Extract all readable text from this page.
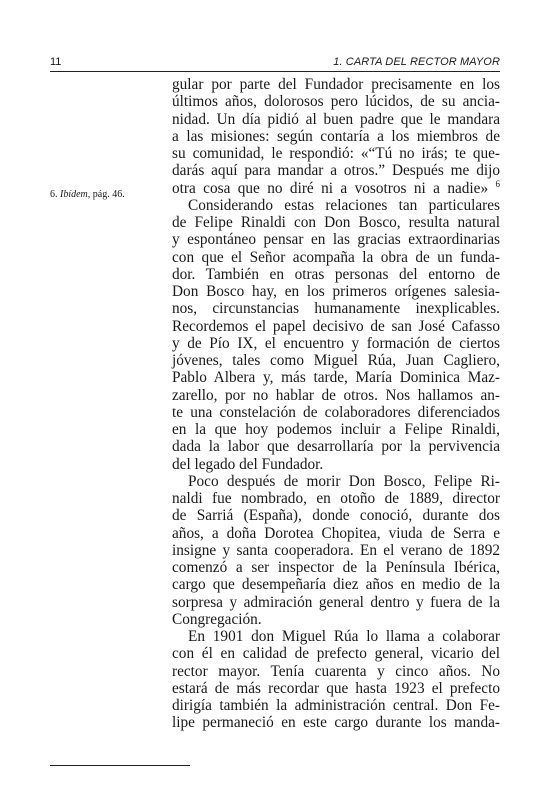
11	1. CARTA DEL RECTOR MAYOR
6. Ibídem, pág. 46.
gular por parte del Fundador precisamente en los
últimos años, dolorosos pero lúcidos, de su ancia-
nidad. Un día pidió al buen padre que le mandara
a las misiones: según contaría a los miembros de
su comunidad, le respondió: «“Tú no irás; te que-
darás aquí para mandar a otros.” Después me dijo
otra cosa que no diré ni a vosotros ni a nadie» $^6$
Considerando estas relaciones tan particulares
de Felipe Rinaldi con Don Bosco, resulta natural
y espontáneo pensar en las gracias extraordinarias
con que el Señor acompaña la obra de un funda-
dor. También en otras personas del entorno de
Don Bosco hay, en los primeros orígenes salesia-
nos, circunstancias humanamente inexplicables.
Recordemos el papel decisivo de san José Cafasso
y de Pío IX, el encuentro y formación de ciertos
jóvenes, tales como Miguel Rúa, Juan Cagliero,
Pablo Albera y, más tarde, María Dominica Maz-
zarello, por no hablar de otros. Nos hallamos an-
te una constelación de colaboradores diferenciados
en la que hoy podemos incluir a Felipe Rinaldi,
dada la labor que desarrollaría por la pervivencia
del legado del Fundador.
Poco después de morir Don Bosco, Felipe Ri-
naldi fue nombrado, en otoño de 1889, director
de Sarriá (España), donde conoció, durante dos
años, a doña Dorotea Chopitea, viuda de Serra e
insigne y santa cooperadora. En el verano de 1892
comenzó a ser inspector de la Península Ibérica,
cargo que desempeñaría diez años en medio de la
sorpresa y admiración general dentro y fuera de la
Congregación.
En 1901 don Miguel Rúa lo llama a colaborar
con él en calidad de prefecto general, vicario del
rector mayor. Tenía cuarenta y cinco años. No
estará de más recordar que hasta 1923 el prefecto
dirigía también la administración central. Don Fe-
lipe permaneció en este cargo durante los manda-
